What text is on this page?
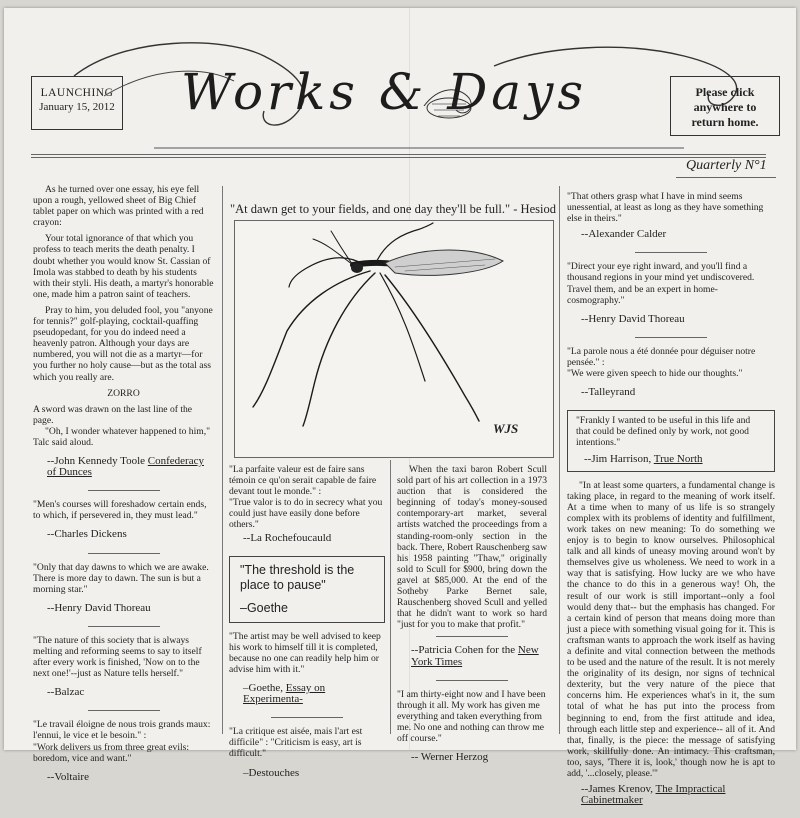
LAUNCHING
January 15, 2012	Works & Days	Please click
anywhere to
return home.
Quarterly N°1

As he turned over one essay, his eye fell upon a rough, yellowed sheet of Big Chief tablet paper on which was printed with a red crayon:

Your total ignorance of that which you profess to teach merits the death penalty. I doubt whether you would know St. Cassian of Imola was stabbed to death by his students with their styli. His death, a martyr's honorable one, made him a patron saint of teachers.

Pray to him, you deluded fool, you "anyone for tennis?" golf-playing, cocktail-quaffing pseudopedant, for you do indeed need a heavenly patron. Although your days are numbered, you will not die as a martyr—for you further no holy cause—but as the total ass which you really are.

ZORRO

A sword was drawn on the last line of the page.

"Oh, I wonder whatever happened to him," Talc said aloud.

--John Kennedy Toole Confederacy of Dunces

"Men's courses will foreshadow certain ends, to which, if persevered in, they must lead."

--Charles Dickens

"Only that day dawns to which we are awake. There is more day to dawn. The sun is but a morning star."

--Henry David Thoreau

"The nature of this society that is always melting and reforming seems to say to itself after every work is finished, 'Now on to the next one!'--just as Nature tells herself."

--Balzac

"Le travail éloigne de nous trois grands maux: l'ennui, le vice et le besoin." :

"Work delivers us from three great evils: boredom, vice and want."

--Voltaire

"At dawn get to your fields, and one day they'll be full." - Hesiod
WJS

"La parfaite valeur est de faire sans témoin ce qu'on serait capable de faire devant tout le monde." :

"True valor is to do in secrecy what you could just have easily done before others."

--La Rochefoucauld

"The threshold is the place to pause"
–Goethe

"The artist may be well advised to keep his work to himself till it is completed, because no one can readily help him or advise him with it."

–Goethe, Essay on Experimenta-

"La critique est aisée, mais l'art est difficile" : "Criticism is easy, art is difficult."

–Destouches

When the taxi baron Robert Scull sold part of his art collection in a 1973 auction that is considered the beginning of today's money-soused contemporary-art market, several artists watched the proceedings from a standing-room-only section in the back. There, Robert Rauschenberg saw his 1958 painting "Thaw," originally sold to Scull for $900, bring down the gavel at $85,000. At the end of the Sotheby Parke Bernet sale, Rauschenberg shoved Scull and yelled that he didn't want to work so hard "just for you to make that profit."

--Patricia Cohen for the New York Times

"I am thirty-eight now and I have been through it all. My work has given me everything and taken everything from me. No one and nothing can throw me off course."

-- Werner Herzog

"That others grasp what I have in mind seems unessential, at least as long as they have something else in theirs."

--Alexander Calder

"Direct your eye right inward, and you'll find a thousand regions in your mind yet undiscovered. Travel them, and be an expert in home-cosmography."

--Henry David Thoreau

"La parole nous a été donnée pour déguiser notre pensée." :

"We were given speech to hide our thoughts."

--Talleyrand

"Frankly I wanted to be useful in this life and that could be defined only by work, not good intentions."

--Jim Harrison, True North

"In at least some quarters, a fundamental change is taking place, in regard to the meaning of work itself. At a time when to many of us life is so strangely complex with its problems of identity and fulfillment, work takes on new meaning: To do something we enjoy is to begin to know ourselves. Philosophical talk and all kinds of uneasy moving around won't by themselves give us wholeness. We need to work in a way that is satisfying. How lucky are we who have the chance to do this in a generous way! Oh, the result of our work is still important--only a fool would deny that-- but the emphasis has changed. For a certain kind of person that means doing more than just a piece with something visual going for it. This is craftsman wants to approach the work itself as having a definite and vital connection between the methods to be used and the nature of the result. It is not merely the originality of its design, nor signs of technical dexterity, but the very nature of the piece that concerns him. He experiences what's in it, the sum total of what he has put into the process from beginning to end, from the first attitude and idea, through each little step and experience-- all of it. And that, finally, is the piece: the message of satisfying work, skillfully done. An intimacy. This craftsman, too, says, 'There it is, look,' though now he is apt to add, '...closely, please.'"

--James Krenov, The Impractical Cabinetmaker
